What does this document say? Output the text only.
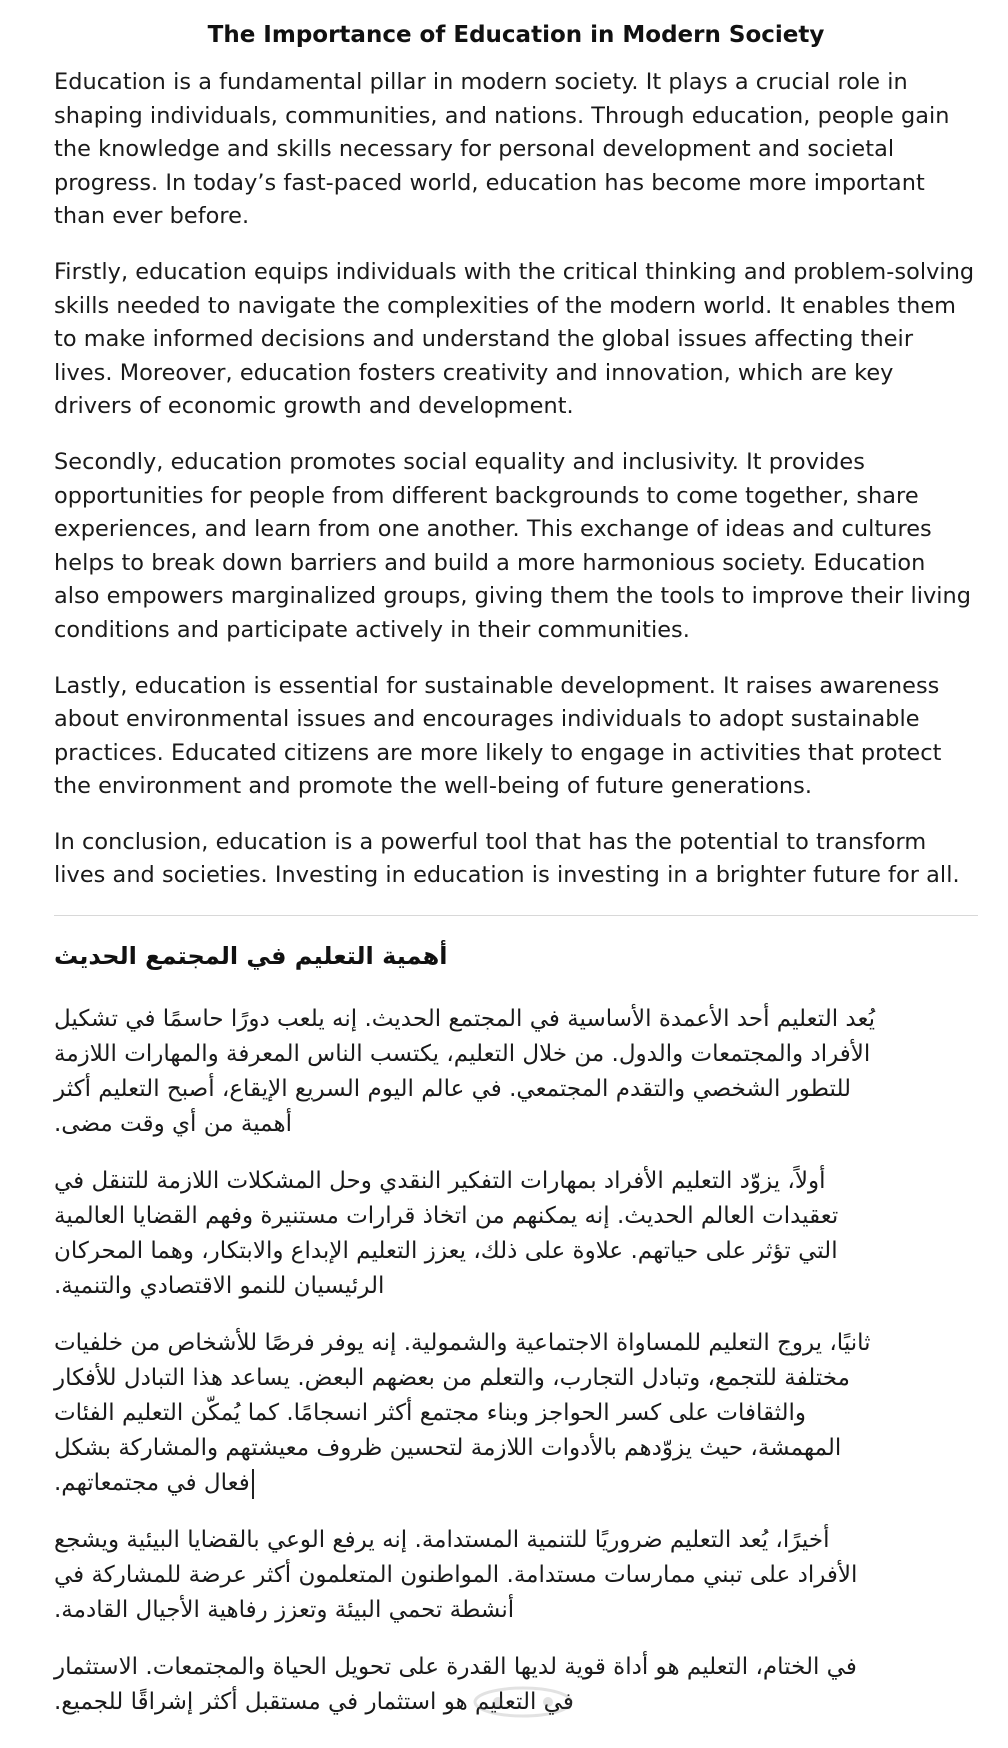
The Importance of Education in Modern Society

Education is a fundamental pillar in modern society. It plays a crucial role in shaping individuals, communities, and nations. Through education, people gain the knowledge and skills necessary for personal development and societal progress. In today’s fast-paced world, education has become more important than ever before.

Firstly, education equips individuals with the critical thinking and problem-solving skills needed to navigate the complexities of the modern world. It enables them to make informed decisions and understand the global issues affecting their lives. Moreover, education fosters creativity and innovation, which are key drivers of economic growth and development.

Secondly, education promotes social equality and inclusivity. It provides opportunities for people from different backgrounds to come together, share experiences, and learn from one another. This exchange of ideas and cultures helps to break down barriers and build a more harmonious society. Education also empowers marginalized groups, giving them the tools to improve their living conditions and participate actively in their communities.

Lastly, education is essential for sustainable development. It raises awareness about environmental issues and encourages individuals to adopt sustainable practices. Educated citizens are more likely to engage in activities that protect the environment and promote the well-being of future generations.

In conclusion, education is a powerful tool that has the potential to transform lives and societies. Investing in education is investing in a brighter future for all.

أهمية التعليم في المجتمع الحديث
يُعد التعليم أحد الأعمدة الأساسية في المجتمع الحديث. إنه يلعب دورًا حاسمًا في تشكيل
الأفراد والمجتمعات والدول. من خلال التعليم، يكتسب الناس المعرفة والمهارات اللازمة
للتطور الشخصي والتقدم المجتمعي. في عالم اليوم السريع الإيقاع، أصبح التعليم أكثر
أهمية من أي وقت مضى.
أولاً، يزوّد التعليم الأفراد بمهارات التفكير النقدي وحل المشكلات اللازمة للتنقل في
تعقيدات العالم الحديث. إنه يمكنهم من اتخاذ قرارات مستنيرة وفهم القضايا العالمية
التي تؤثر على حياتهم. علاوة على ذلك، يعزز التعليم الإبداع والابتكار، وهما المحركان
الرئيسيان للنمو الاقتصادي والتنمية.
ثانيًا، يروج التعليم للمساواة الاجتماعية والشمولية. إنه يوفر فرصًا للأشخاص من خلفيات
مختلفة للتجمع، وتبادل التجارب، والتعلم من بعضهم البعض. يساعد هذا التبادل للأفكار
والثقافات على كسر الحواجز وبناء مجتمع أكثر انسجامًا. كما يُمكّن التعليم الفئات
المهمشة، حيث يزوّدهم بالأدوات اللازمة لتحسين ظروف معيشتهم والمشاركة بشكل
فعال في مجتمعاتهم.
أخيرًا، يُعد التعليم ضروريًا للتنمية المستدامة. إنه يرفع الوعي بالقضايا البيئية ويشجع
الأفراد على تبني ممارسات مستدامة. المواطنون المتعلمون أكثر عرضة للمشاركة في
أنشطة تحمي البيئة وتعزز رفاهية الأجيال القادمة.
في الختام، التعليم هو أداة قوية لديها القدرة على تحويل الحياة والمجتمعات. الاستثمار
في التعليم هو استثمار في مستقبل أكثر إشراقًا للجميع.
